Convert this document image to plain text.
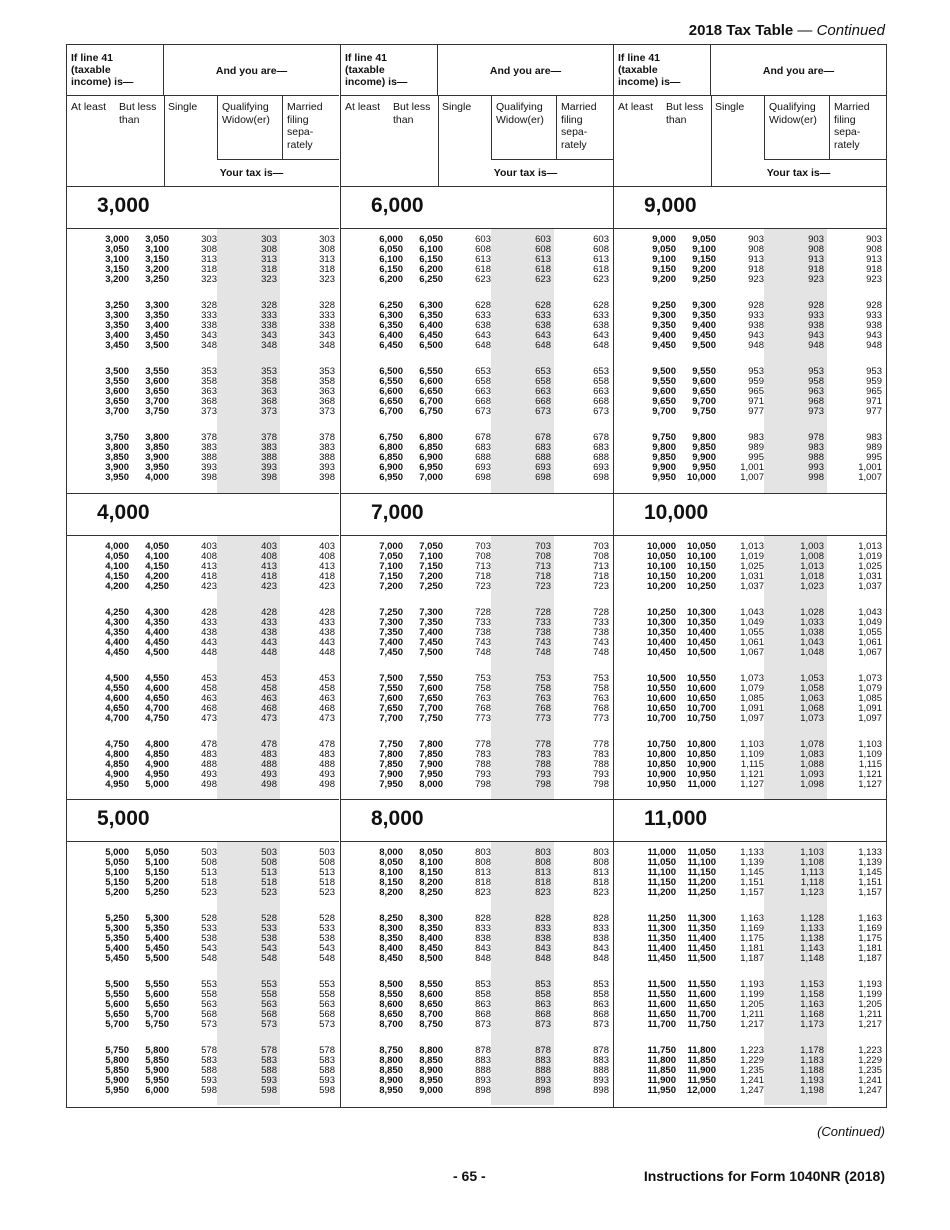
2018 Tax Table — Continued
If line 41 (taxable income) is—
And you are—
At least	But less than
Single	Qualifying Widow(er)
Married filing sepa- rately
Your tax is—
3,000
3,000 3,050	303	303	303
3,050 3,100	308	308	308
3,100 3,150	313	313	313
3,150 3,200	318	318	318
3,200 3,250	323	323	323
3,250 3,300	328	328	328
3,300 3,350	333	333	333
3,350 3,400	338	338	338
3,400 3,450	343	343	343
3,450 3,500	348	348	348
3,500 3,550	353	353	353
3,550 3,600	358	358	358
3,600 3,650	363	363	363
3,650 3,700	368	368	368
3,700 3,750	373	373	373
3,750 3,800	378	378	378
3,800 3,850	383	383	383
3,850 3,900	388	388	388
3,900 3,950	393	393	393
3,950 4,000	398	398	398
4,000
4,000 4,050	403	403	403
4,050 4,100	408	408	408
4,100 4,150	413	413	413
4,150 4,200	418	418	418
4,200 4,250	423	423	423
4,250 4,300	428	428	428
4,300 4,350	433	433	433
4,350 4,400	438	438	438
4,400 4,450	443	443	443
4,450 4,500	448	448	448
4,500 4,550	453	453	453
4,550 4,600	458	458	458
4,600 4,650	463	463	463
4,650 4,700	468	468	468
4,700 4,750	473	473	473
4,750 4,800	478	478	478
4,800 4,850	483	483	483
4,850 4,900	488	488	488
4,900 4,950	493	493	493
4,950 5,000	498	498	498
5,000
5,000 5,050	503	503	503
5,050 5,100	508	508	508
5,100 5,150	513	513	513
5,150 5,200	518	518	518
5,200 5,250	523	523	523
5,250 5,300	528	528	528
5,300 5,350	533	533	533
5,350 5,400	538	538	538
5,400 5,450	543	543	543
5,450 5,500	548	548	548
5,500 5,550	553	553	553
5,550 5,600	558	558	558
5,600 5,650	563	563	563
5,650 5,700	568	568	568
5,700 5,750	573	573	573
5,750 5,800	578	578	578
5,800 5,850	583	583	583
5,850 5,900	588	588	588
5,900 5,950	593	593	593
5,950 6,000	598	598	598
If line 41 (taxable income) is—
And you are—
At least	But less than
Single	Qualifying Widow(er)
Married filing sepa- rately
Your tax is—
6,000
6,000 6,050	603	603	603
6,050 6,100	608	608	608
6,100 6,150	613	613	613
6,150 6,200	618	618	618
6,200 6,250	623	623	623
6,250 6,300	628	628	628
6,300 6,350	633	633	633
6,350 6,400	638	638	638
6,400 6,450	643	643	643
6,450 6,500	648	648	648
6,500 6,550	653	653	653
6,550 6,600	658	658	658
6,600 6,650	663	663	663
6,650 6,700	668	668	668
6,700 6,750	673	673	673
6,750 6,800	678	678	678
6,800 6,850	683	683	683
6,850 6,900	688	688	688
6,900 6,950	693	693	693
6,950 7,000	698	698	698
7,000
7,000 7,050	703	703	703
7,050 7,100	708	708	708
7,100 7,150	713	713	713
7,150 7,200	718	718	718
7,200 7,250	723	723	723
7,250 7,300	728	728	728
7,300 7,350	733	733	733
7,350 7,400	738	738	738
7,400 7,450	743	743	743
7,450 7,500	748	748	748
7,500 7,550	753	753	753
7,550 7,600	758	758	758
7,600 7,650	763	763	763
7,650 7,700	768	768	768
7,700 7,750	773	773	773
7,750 7,800	778	778	778
7,800 7,850	783	783	783
7,850 7,900	788	788	788
7,900 7,950	793	793	793
7,950 8,000	798	798	798
8,000
8,000 8,050	803	803	803
8,050 8,100	808	808	808
8,100 8,150	813	813	813
8,150 8,200	818	818	818
8,200 8,250	823	823	823
8,250 8,300	828	828	828
8,300 8,350	833	833	833
8,350 8,400	838	838	838
8,400 8,450	843	843	843
8,450 8,500	848	848	848
8,500 8,550	853	853	853
8,550 8,600	858	858	858
8,600 8,650	863	863	863
8,650 8,700	868	868	868
8,700 8,750	873	873	873
8,750 8,800	878	878	878
8,800 8,850	883	883	883
8,850 8,900	888	888	888
8,900 8,950	893	893	893
8,950 9,000	898	898	898
If line 41 (taxable income) is—
And you are—
At least	But less than
Single	Qualifying Widow(er)
Married filing sepa- rately
Your tax is—
9,000
9,000 9,050	903	903	903
9,050 9,100	908	908	908
9,100 9,150	913	913	913
9,150 9,200	918	918	918
9,200 9,250	923	923	923
9,250 9,300	928	928	928
9,300 9,350	933	933	933
9,350 9,400	938	938	938
9,400 9,450	943	943	943
9,450 9,500	948	948	948
9,500 9,550	953	953	953
9,550 9,600	959	958	959
9,600 9,650	965	963	965
9,650 9,700	971	968	971
9,700 9,750	977	973	977
9,750 9,800	983	978	983
9,800 9,850	989	983	989
9,850 9,900	995	988	995
9,900 9,950	1,001	993	1,001
9,950 10,000	1,007	998	1,007
10,000
10,000 10,050	1,013	1,003	1,013
10,050 10,100	1,019	1,008	1,019
10,100 10,150	1,025	1,013	1,025
10,150 10,200	1,031	1,018	1,031
10,200 10,250	1,037	1,023	1,037
10,250 10,300	1,043	1,028	1,043
10,300 10,350	1,049	1,033	1,049
10,350 10,400	1,055	1,038	1,055
10,400 10,450	1,061	1,043	1,061
10,450 10,500	1,067	1,048	1,067
10,500 10,550	1,073	1,053	1,073
10,550 10,600	1,079	1,058	1,079
10,600 10,650	1,085	1,063	1,085
10,650 10,700	1,091	1,068	1,091
10,700 10,750	1,097	1,073	1,097
10,750 10,800	1,103	1,078	1,103
10,800 10,850	1,109	1,083	1,109
10,850 10,900	1,115	1,088	1,115
10,900 10,950	1,121	1,093	1,121
10,950 11,000	1,127	1,098	1,127
11,000
11,000 11,050	1,133	1,103	1,133
11,050 11,100	1,139	1,108	1,139
11,100 11,150	1,145	1,113	1,145
11,150 11,200	1,151	1,118	1,151
11,200 11,250	1,157	1,123	1,157
11,250 11,300	1,163	1,128	1,163
11,300 11,350	1,169	1,133	1,169
11,350 11,400	1,175	1,138	1,175
11,400 11,450	1,181	1,143	1,181
11,450 11,500	1,187	1,148	1,187
11,500 11,550	1,193	1,153	1,193
11,550 11,600	1,199	1,158	1,199
11,600 11,650	1,205	1,163	1,205
11,650 11,700	1,211	1,168	1,211
11,700 11,750	1,217	1,173	1,217
11,750 11,800	1,223	1,178	1,223
11,800 11,850	1,229	1,183	1,229
11,850 11,900	1,235	1,188	1,235
11,900 11,950	1,241	1,193	1,241
11,950 12,000	1,247	1,198	1,247
(Continued)
- 65 -	Instructions for Form 1040NR (2018)
